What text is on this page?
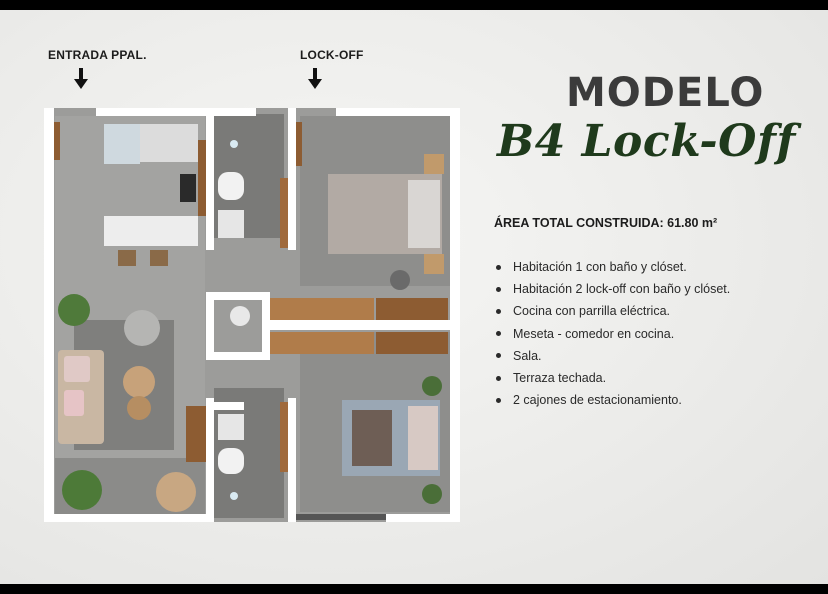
ENTRADA PPAL.	LOCK-OFF
MODELO
B4 Lock-Off
ÁREA TOTAL CONSTRUIDA: 61.80 m²
Habitación 1 con baño y clóset.
Habitación 2 lock-off con baño y clóset.
Cocina con parrilla eléctrica.
Meseta - comedor en cocina.
Sala.
Terraza techada.
2 cajones de estacionamiento.
